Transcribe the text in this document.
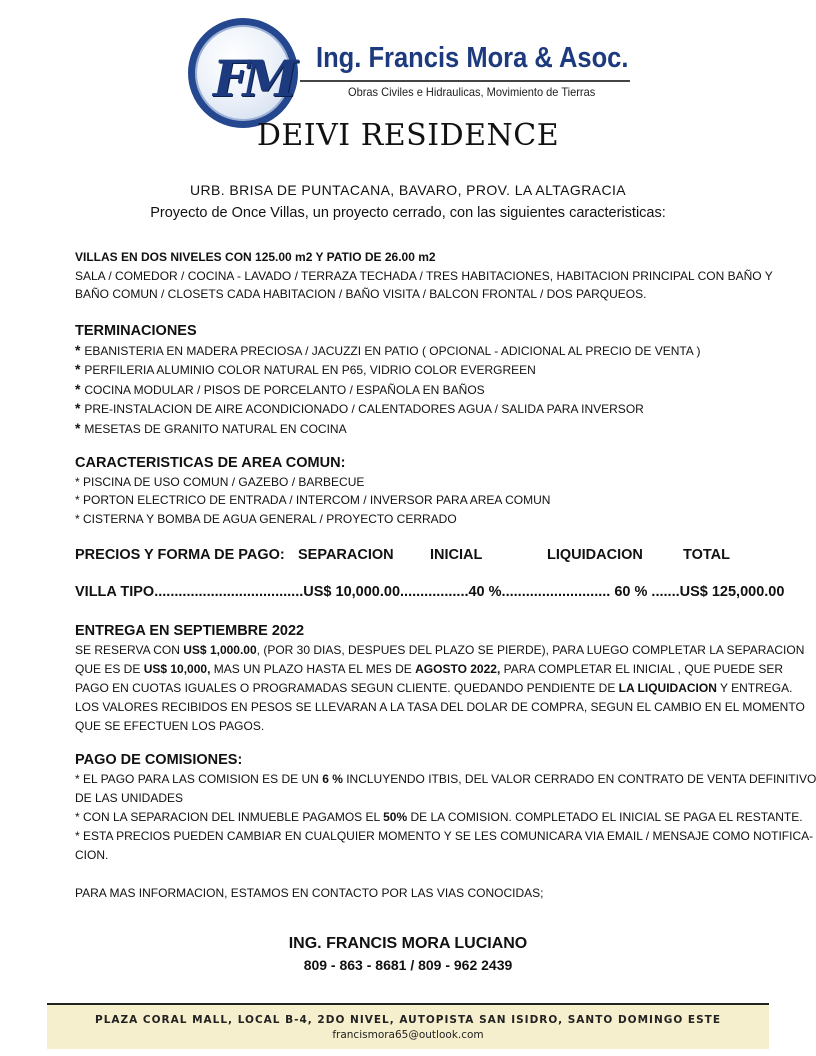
FM Ing. Francis Mora & Asoc.
Obras Civiles e Hidraulicas, Movimiento de Tierras
DEIVI RESIDENCE
URB. BRISA DE PUNTACANA, BAVARO, PROV. LA ALTAGRACIA
Proyecto de Once Villas, un proyecto cerrado, con las siguientes caracteristicas:
VILLAS EN DOS NIVELES CON 125.00 m2 Y PATIO DE 26.00 m2
SALA / COMEDOR / COCINA - LAVADO / TERRAZA TECHADA / TRES HABITACIONES, HABITACION PRINCIPAL CON BAÑO Y
BAÑO COMUN / CLOSETS CADA HABITACION / BAÑO VISITA / BALCON FRONTAL / DOS PARQUEOS.
TERMINACIONES
* EBANISTERIA EN MADERA PRECIOSA / JACUZZI EN PATIO ( OPCIONAL - ADICIONAL AL PRECIO DE VENTA )
* PERFILERIA ALUMINIO COLOR NATURAL EN P65, VIDRIO COLOR EVERGREEN
* COCINA MODULAR / PISOS DE PORCELANTO / ESPAÑOLA EN BAÑOS
* PRE-INSTALACION DE AIRE ACONDICIONADO / CALENTADORES AGUA / SALIDA PARA INVERSOR
* MESETAS DE GRANITO NATURAL EN COCINA
CARACTERISTICAS DE AREA COMUN:
* PISCINA DE USO COMUN / GAZEBO / BARBECUE
* PORTON ELECTRICO DE ENTRADA / INTERCOM / INVERSOR PARA AREA COMUN
* CISTERNA Y BOMBA DE AGUA GENERAL / PROYECTO CERRADO
PRECIOS Y FORMA DE PAGO: SEPARACION	INICIAL	LIQUIDACION	TOTAL
VILLA TIPO.....................................US$ 10,000.00.................40 %........................... 60 % .......US$ 125,000.00
ENTREGA EN SEPTIEMBRE 2022
SE RESERVA CON US$ 1,000.00, (POR 30 DIAS, DESPUES DEL PLAZO SE PIERDE), PARA LUEGO COMPLETAR LA SEPARACION
QUE ES DE US$ 10,000, MAS UN PLAZO HASTA EL MES DE AGOSTO 2022, PARA COMPLETAR EL INICIAL , QUE PUEDE SER
PAGO EN CUOTAS IGUALES O PROGRAMADAS SEGUN CLIENTE. QUEDANDO PENDIENTE DE LA LIQUIDACION Y ENTREGA.
LOS VALORES RECIBIDOS EN PESOS SE LLEVARAN A LA TASA DEL DOLAR DE COMPRA, SEGUN EL CAMBIO EN EL MOMENTO
QUE SE EFECTUEN LOS PAGOS.
PAGO DE COMISIONES:
* EL PAGO PARA LAS COMISION ES DE UN 6 % INCLUYENDO ITBIS, DEL VALOR CERRADO EN CONTRATO DE VENTA DEFINITIVO
DE LAS UNIDADES
* CON LA SEPARACION DEL INMUEBLE PAGAMOS EL 50% DE LA COMISION. COMPLETADO EL INICIAL SE PAGA EL RESTANTE.
* ESTA PRECIOS PUEDEN CAMBIAR EN CUALQUIER MOMENTO Y SE LES COMUNICARA VIA EMAIL / MENSAJE COMO NOTIFICA-
CION.
PARA MAS INFORMACION, ESTAMOS EN CONTACTO POR LAS VIAS CONOCIDAS;
ING. FRANCIS MORA LUCIANO
809 - 863 - 8681 / 809 - 962 2439
PLAZA CORAL MALL, LOCAL B-4, 2DO NIVEL, AUTOPISTA SAN ISIDRO, SANTO DOMINGO ESTE
francismora65@outlook.com
